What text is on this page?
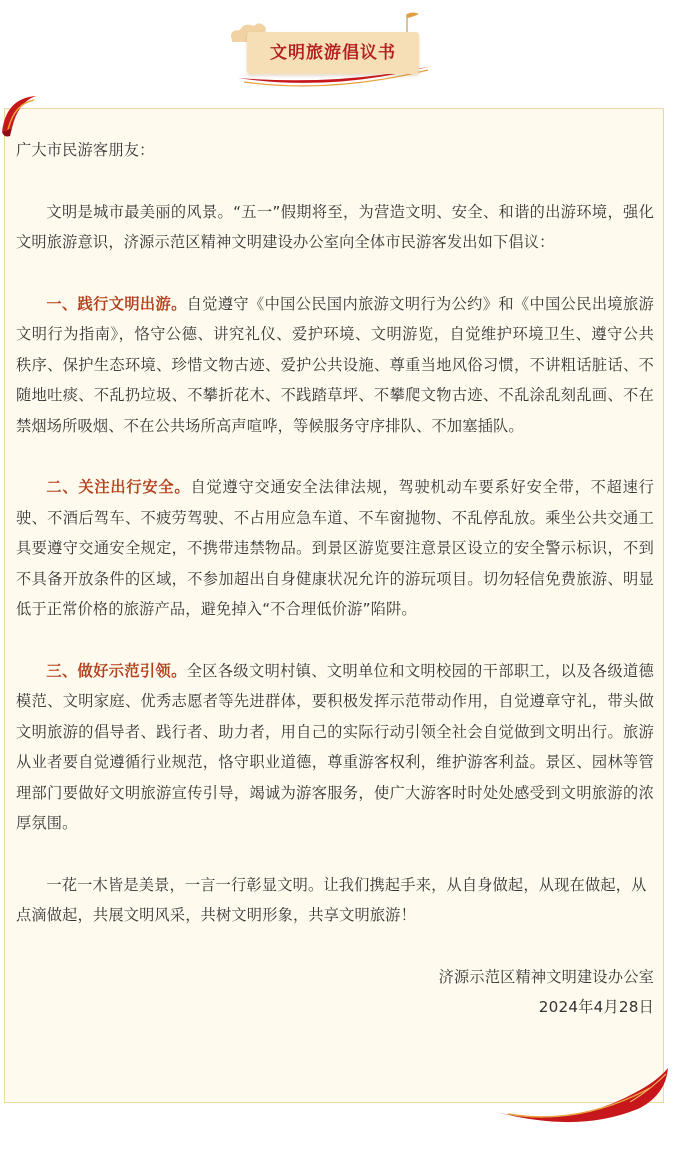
文明旅游倡议书

广大市民游客朋友：

文明是城市最美丽的风景。“五一”假期将至，为营造文明、安全、和谐的出游环境，强化文明旅游意识，济源示范区精神文明建设办公室向全体市民游客发出如下倡议：

一、践行文明出游。自觉遵守《中国公民国内旅游文明行为公约》和《中国公民出境旅游文明行为指南》，恪守公德、讲究礼仪、爱护环境、文明游览，自觉维护环境卫生、遵守公共秩序、保护生态环境、珍惜文物古迹、爱护公共设施、尊重当地风俗习惯，不讲粗话脏话、不随地吐痰、不乱扔垃圾、不攀折花木、不践踏草坪、不攀爬文物古迹、不乱涂乱刻乱画、不在禁烟场所吸烟、不在公共场所高声喧哗，等候服务守序排队、不加塞插队。

二、关注出行安全。自觉遵守交通安全法律法规，驾驶机动车要系好安全带，不超速行驶、不酒后驾车、不疲劳驾驶、不占用应急车道、不车窗抛物、不乱停乱放。乘坐公共交通工具要遵守交通安全规定，不携带违禁物品。到景区游览要注意景区设立的安全警示标识，不到不具备开放条件的区域，不参加超出自身健康状况允许的游玩项目。切勿轻信免费旅游、明显低于正常价格的旅游产品，避免掉入“不合理低价游”陷阱。

三、做好示范引领。全区各级文明村镇、文明单位和文明校园的干部职工，以及各级道德模范、文明家庭、优秀志愿者等先进群体，要积极发挥示范带动作用，自觉遵章守礼，带头做文明旅游的倡导者、践行者、助力者，用自己的实际行动引领全社会自觉做到文明出行。旅游从业者要自觉遵循行业规范，恪守职业道德，尊重游客权利，维护游客利益。景区、园林等管理部门要做好文明旅游宣传引导，竭诚为游客服务，使广大游客时时处处感受到文明旅游的浓厚氛围。

一花一木皆是美景，一言一行彰显文明。让我们携起手来，从自身做起，从现在做起，从点滴做起，共展文明风采，共树文明形象，共享文明旅游！

济源示范区精神文明建设办公室

2024年4月28日
